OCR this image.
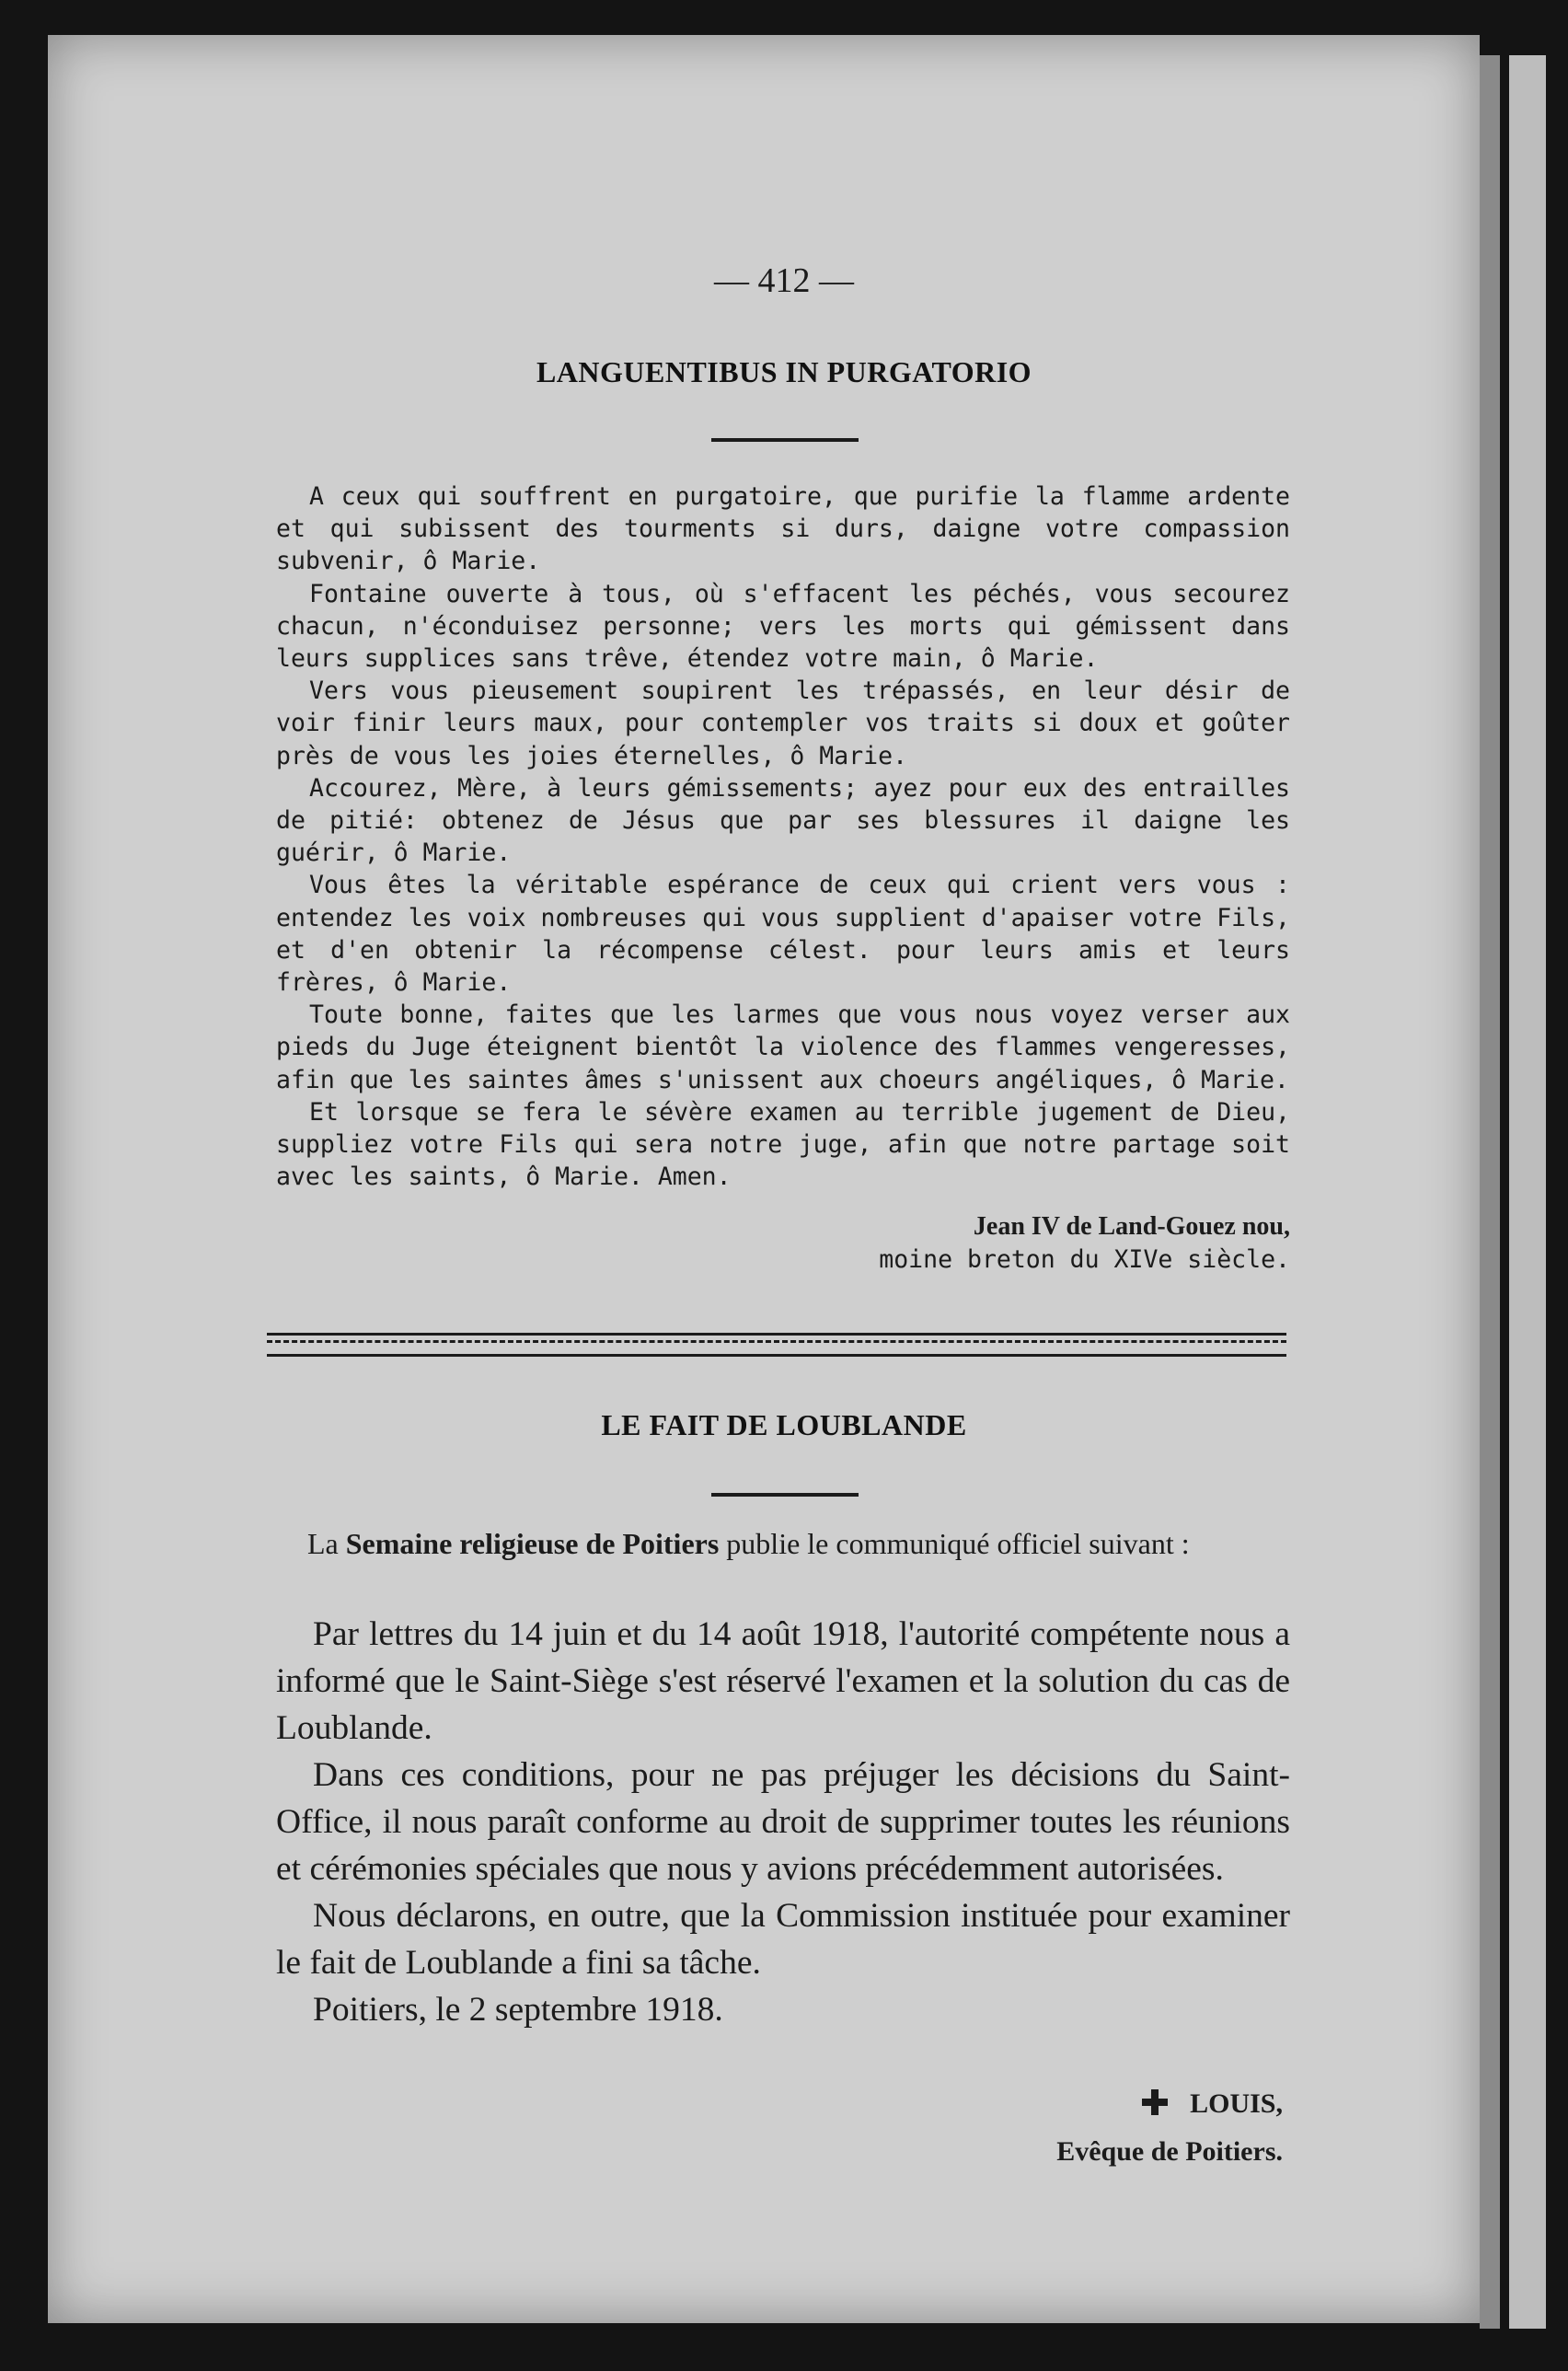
— 412 —
LANGUENTIBUS IN PURGATORIO

A ceux qui souffrent en purgatoire, que purifie la flamme ardente et qui subissent des tourments si durs, daigne votre compassion subvenir, ô Marie.

Fontaine ouverte à tous, où s'effacent les péchés, vous secourez chacun, n'éconduisez personne; vers les morts qui gémissent dans leurs supplices sans trêve, étendez votre main, ô Marie.

Vers vous pieusement soupirent les trépassés, en leur désir de voir finir leurs maux, pour contempler vos traits si doux et goûter près de vous les joies éternelles, ô Marie.

Accourez, Mère, à leurs gémissements; ayez pour eux des entrailles de pitié: obtenez de Jésus que par ses blessures il daigne les guérir, ô Marie.

Vous êtes la véritable espérance de ceux qui crient vers vous : entendez les voix nombreuses qui vous supplient d'apaiser votre Fils, et d'en obtenir la récompense célest. pour leurs amis et leurs frères, ô Marie.

Toute bonne, faites que les larmes que vous nous voyez verser aux pieds du Juge éteignent bientôt la violence des flammes vengeresses, afin que les saintes âmes s'unissent aux choeurs angéliques, ô Marie.

Et lorsque se fera le sévère examen au terrible jugement de Dieu, suppliez votre Fils qui sera notre juge, afin que notre partage soit avec les saints, ô Marie. Amen.

Jean IV de Land-Gouez nou,
moine breton du XIVe siècle.
LE FAIT DE LOUBLANDE

La Semaine religieuse de Poitiers publie le communiqué officiel suivant :

Par lettres du 14 juin et du 14 août 1918, l'autorité compétente nous a informé que le Saint-Siège s'est réservé l'examen et la solution du cas de Loublande.

Dans ces conditions, pour ne pas préjuger les décisions du Saint-Office, il nous paraît conforme au droit de supprimer toutes les réunions et cérémonies spéciales que nous y avions précédemment autorisées.

Nous déclarons, en outre, que la Commission instituée pour examiner le fait de Loublande a fini sa tâche.

Poitiers, le 2 septembre 1918.

LOUIS,
Evêque de Poitiers.
